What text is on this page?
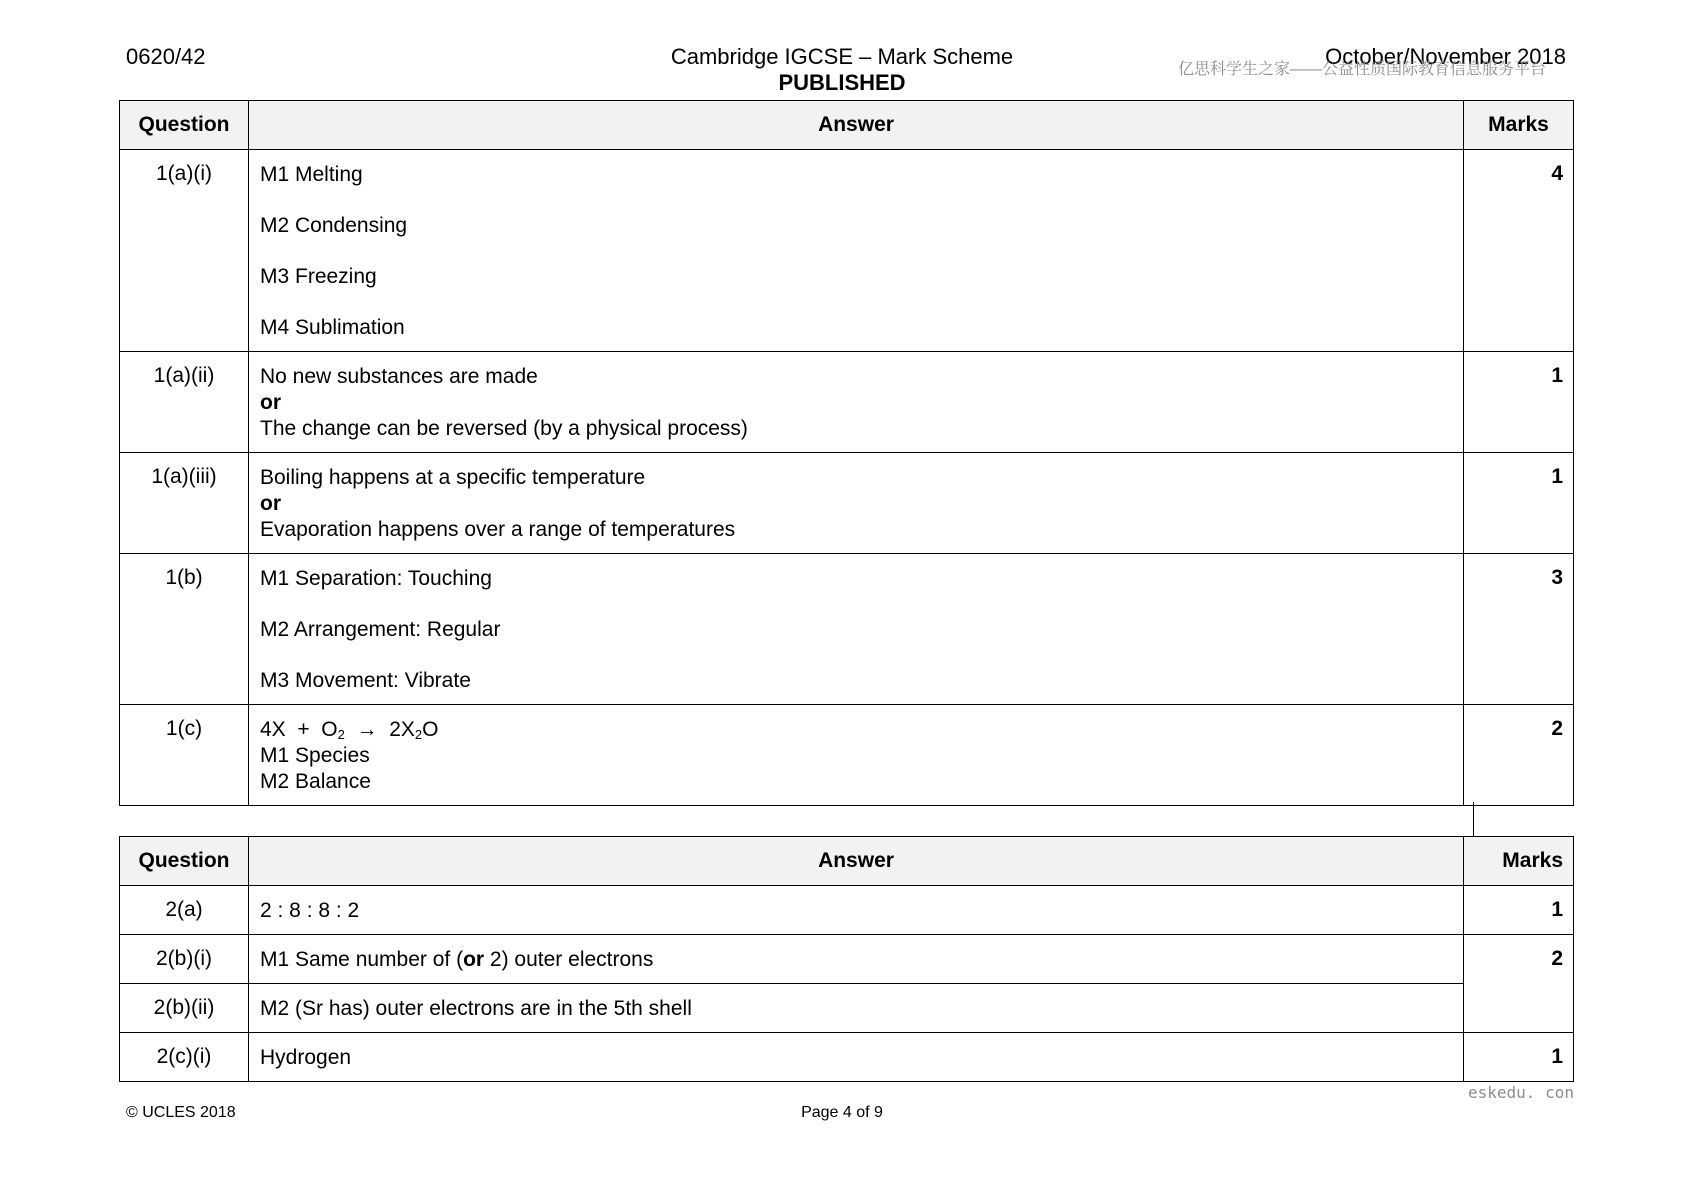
0620/42	Cambridge IGCSE – Mark Scheme
PUBLISHED
October/November 2018
亿思科学生之家——公益性质国际教育信息服务平台
Question	Answer	Marks
1(a)(i)	M1 Melting
M2 Condensing
M3 Freezing
M4 Sublimation	4
1(a)(ii)	No new substances are made
or
The change can be reversed (by a physical process)	1
1(a)(iii)	Boiling happens at a specific temperature
or
Evaporation happens over a range of temperatures	1
1(b)	M1 Separation: Touching
M2 Arrangement: Regular
M3 Movement: Vibrate	3
1(c)	$4X + O_2 \to 2X_2O$
M1 Species
M2 Balance	2
Question	Answer	Marks
2(a)	2 : 8 : 8 : 2	1
2(b)(i)	M1 Same number of (or 2) outer electrons	2
2(b)(ii)	M2 (Sr has) outer electrons are in the 5th shell	
2(c)(i)	Hydrogen	1
eskedu. con
© UCLES 2018	Page 4 of 9
